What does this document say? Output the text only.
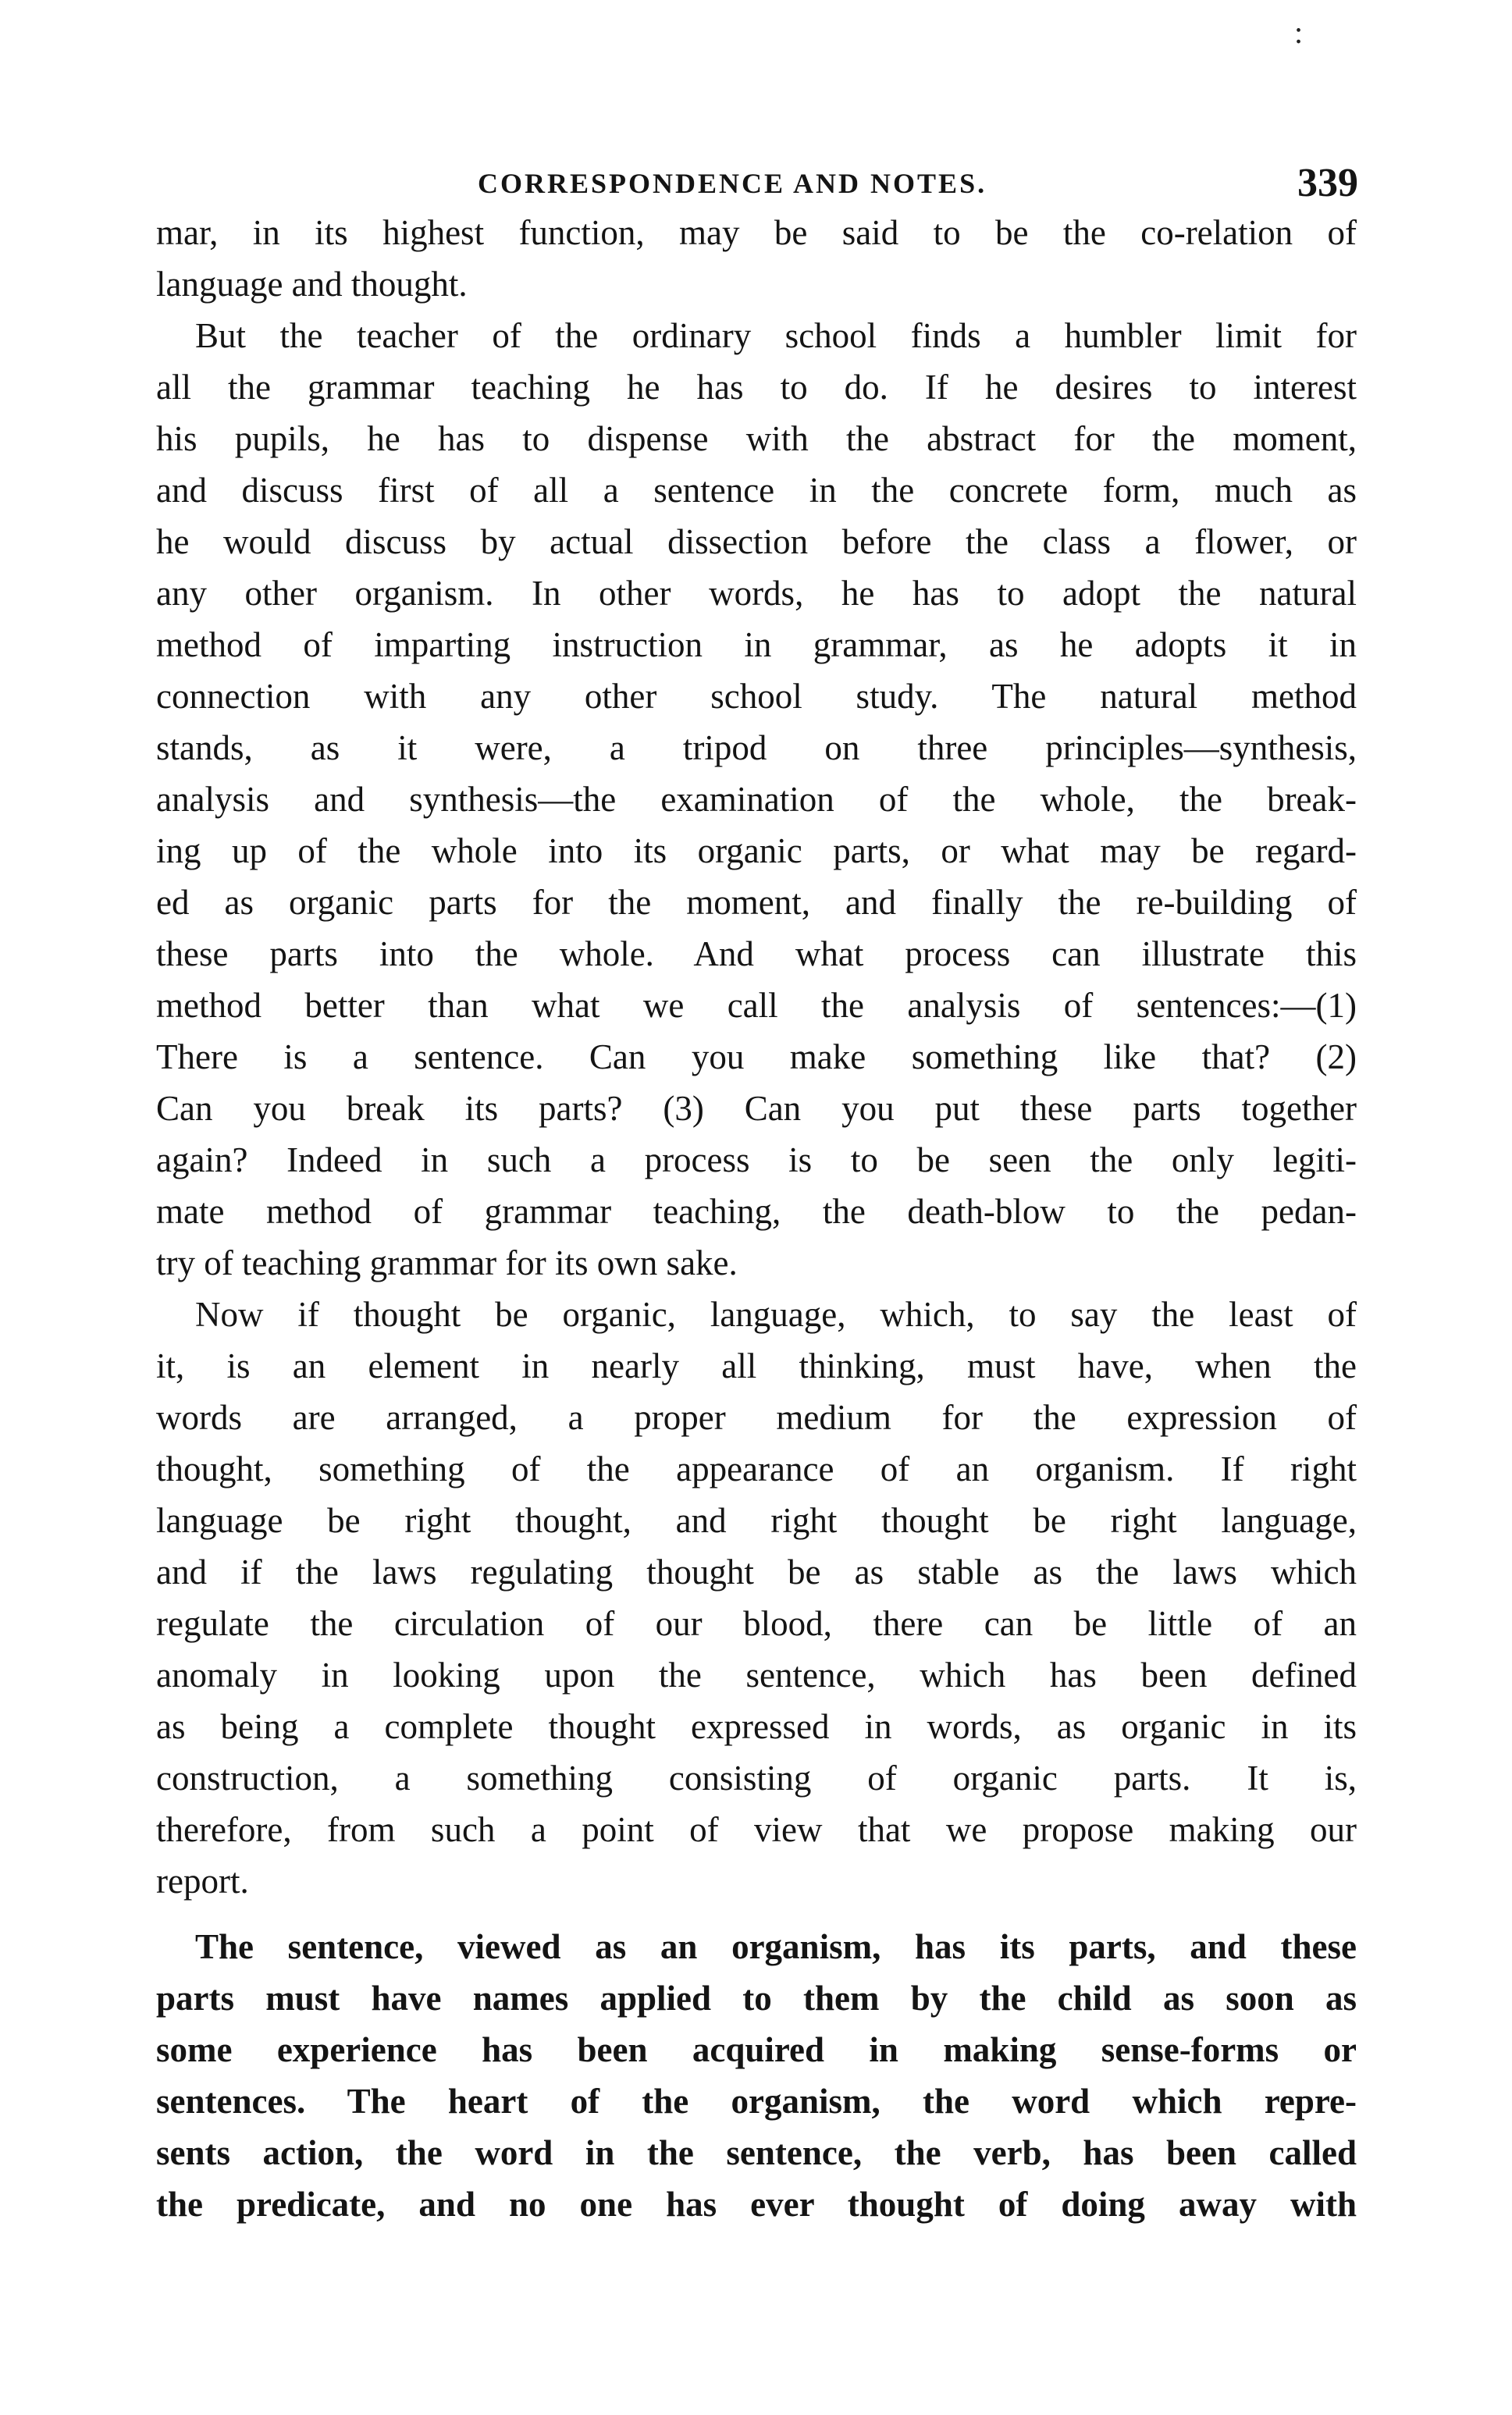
:
CORRESPONDENCE AND NOTES.	339
mar, in its highest function, may be said to be the co-relation of
language and thought.
But the teacher of the ordinary school finds a humbler limit for
all the grammar teaching he has to do. If he desires to interest
his pupils, he has to dispense with the abstract for the moment,
and discuss first of all a sentence in the concrete form, much as
he would discuss by actual dissection before the class a flower, or
any other organism. In other words, he has to adopt the natural
method of imparting instruction in grammar, as he adopts it in
connection with any other school study. The natural method
stands, as it were, a tripod on three principles—synthesis,
analysis and synthesis—the examination of the whole, the break-
ing up of the whole into its organic parts, or what may be regard-
ed as organic parts for the moment, and finally the re-building of
these parts into the whole. And what process can illustrate this
method better than what we call the analysis of sentences:—(1)
There is a sentence. Can you make something like that? (2)
Can you break its parts? (3) Can you put these parts together
again? Indeed in such a process is to be seen the only legiti-
mate method of grammar teaching, the death-blow to the pedan-
try of teaching grammar for its own sake.
Now if thought be organic, language, which, to say the least of
it, is an element in nearly all thinking, must have, when the
words are arranged, a proper medium for the expression of
thought, something of the appearance of an organism. If right
language be right thought, and right thought be right language,
and if the laws regulating thought be as stable as the laws which
regulate the circulation of our blood, there can be little of an
anomaly in looking upon the sentence, which has been defined
as being a complete thought expressed in words, as organic in its
construction, a something consisting of organic parts. It is,
therefore, from such a point of view that we propose making our
report.
The sentence, viewed as an organism, has its parts, and these
parts must have names applied to them by the child as soon as
some experience has been acquired in making sense-forms or
sentences. The heart of the organism, the word which repre-
sents action, the word in the sentence, the verb, has been called
the predicate, and no one has ever thought of doing away with
